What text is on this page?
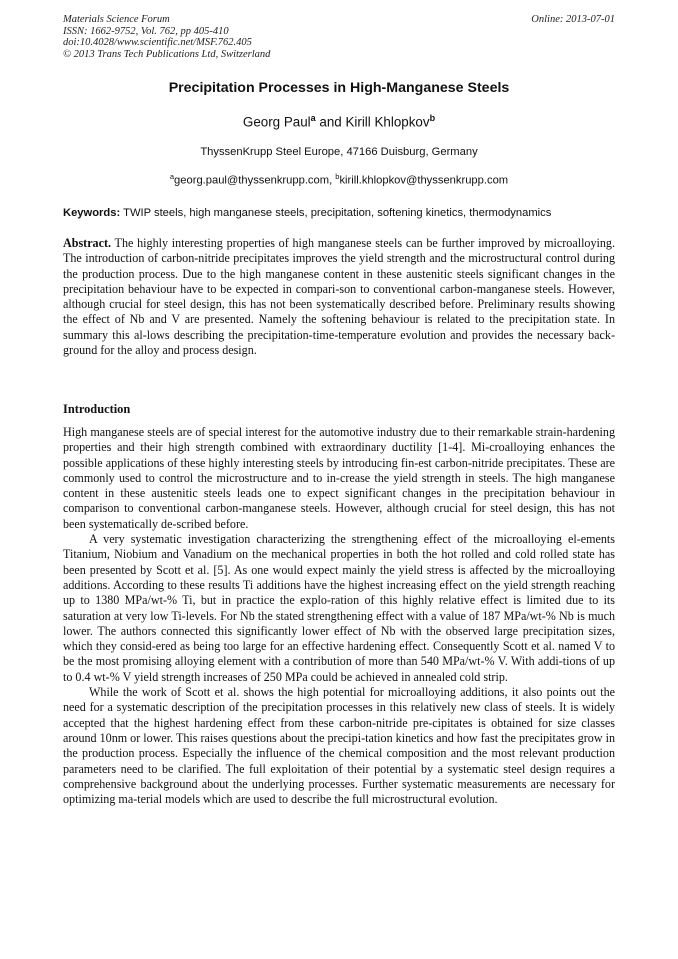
Materials Science Forum
ISSN: 1662-9752, Vol. 762, pp 405-410
doi:10.4028/www.scientific.net/MSF.762.405
© 2013 Trans Tech Publications Ltd, Switzerland
Online: 2013-07-01
Precipitation Processes in High-Manganese Steels
Georg Paul$^a$ and Kirill Khlopkov$^b$
ThyssenKrupp Steel Europe, 47166 Duisburg, Germany
$^a$georg.paul@thyssenkrupp.com, $^b$kirill.khlopkov@thyssenkrupp.com
Keywords: TWIP steels, high manganese steels, precipitation, softening kinetics, thermodynamics
Abstract. The highly interesting properties of high manganese steels can be further improved by microalloying. The introduction of carbon-nitride precipitates improves the yield strength and the microstructural control during the production process. Due to the high manganese content in these austenitic steels significant changes in the precipitation behaviour have to be expected in compari-son to conventional carbon-manganese steels. However, although crucial for steel design, this has not been systematically described before. Preliminary results showing the effect of Nb and V are presented. Namely the softening behaviour is related to the precipitation state. In summary this al-lows describing the precipitation-time-temperature evolution and provides the necessary back-ground for the alloy and process design.
Introduction

High manganese steels are of special interest for the automotive industry due to their remarkable strain-hardening properties and their high strength combined with extraordinary ductility [1-4]. Mi-croalloying enhances the possible applications of these highly interesting steels by introducing fin-est carbon-nitride precipitates. These are commonly used to control the microstructure and to in-crease the yield strength in steels. The high manganese content in these austenitic steels leads one to expect significant changes in the precipitation behaviour in comparison to conventional carbon-manganese steels. However, although crucial for steel design, this has not been systematically de-scribed before.

A very systematic investigation characterizing the strengthening effect of the microalloying el-ements Titanium, Niobium and Vanadium on the mechanical properties in both the hot rolled and cold rolled state has been presented by Scott et al. [5]. As one would expect mainly the yield stress is affected by the microalloying additions. According to these results Ti additions have the highest increasing effect on the yield strength reaching up to 1380 MPa/wt-% Ti, but in practice the explo-ration of this highly relative effect is limited due to its saturation at very low Ti-levels. For Nb the stated strengthening effect with a value of 187 MPa/wt-% Nb is much lower. The authors connected this significantly lower effect of Nb with the observed large precipitation sizes, which they consid-ered as being too large for an effective hardening effect. Consequently Scott et al. named V to be the most promising alloying element with a contribution of more than 540 MPa/wt-% V. With addi-tions of up to 0.4 wt-% V yield strength increases of 250 MPa could be achieved in annealed cold strip.

While the work of Scott et al. shows the high potential for microalloying additions, it also points out the need for a systematic description of the precipitation processes in this relatively new class of steels. It is widely accepted that the highest hardening effect from these carbon-nitride pre-cipitates is obtained for size classes around 10nm or lower. This raises questions about the precipi-tation kinetics and how fast the precipitates grow in the production process. Especially the influence of the chemical composition and the most relevant production parameters need to be clarified. The full exploitation of their potential by a systematic steel design requires a comprehensive background about the underlying processes. Further systematic measurements are necessary for optimizing ma-terial models which are used to describe the full microstructural evolution.
